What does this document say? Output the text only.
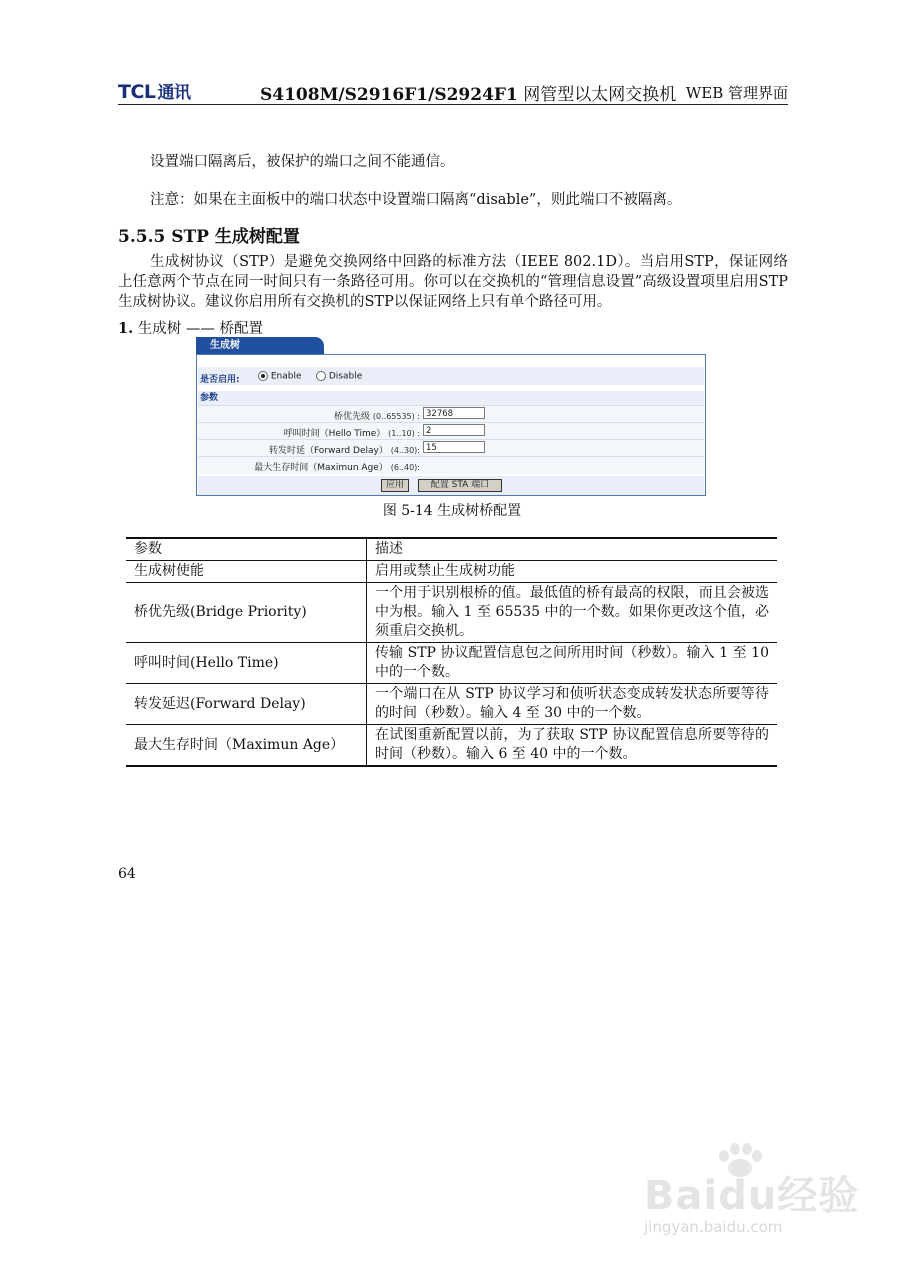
TCL 通讯	S4108M/S2916F1/S2924F1 网管型以太网交换机 WEB 管理界面
设置端口隔离后，被保护的端口之间不能通信。
注意：如果在主面板中的端口状态中设置端口隔离“disable”，则此端口不被隔离。
5.5.5 STP 生成树配置
生成树协议（STP）是避免交换网络中回路的标准方法（IEEE 802.1D）。当启用STP，保证网络上任意两个节点在同一时间只有一条路径可用。你可以在交换机的“管理信息设置”高级设置项里启用STP生成树协议。建议你启用所有交换机的STP以保证网络上只有单个路径可用。
1. 生成树 —— 桥配置
生成树
是否启用:	Enable	Disable
参数
桥优先级 (0..65535) : 32768
呼叫时间（Hello Time） (1..10) : 2
转发时延（Forward Delay） (4..30): 15
最大生存时间（Maximun Age） (6..40):
应用	配置 STA 端口
图 5-14 生成树桥配置
参数	描述
生成树使能	启用或禁止生成树功能
桥优先级(Bridge Priority)	一个用于识别根桥的值。最低值的桥有最高的权限，而且会被选中为根。输入 1 至 65535 中的一个数。如果你更改这个值，必须重启交换机。
呼叫时间(Hello Time)	传输 STP 协议配置信息包之间所用时间（秒数）。输入 1 至 10 中的一个数。
转发延迟(Forward Delay)	一个端口在从 STP 协议学习和侦听状态变成转发状态所要等待的时间（秒数）。输入 4 至 30 中的一个数。
最大生存时间（Maximun Age）	在试图重新配置以前，为了获取 STP 协议配置信息所要等待的时间（秒数）。输入 6 至 40 中的一个数。
64
Baidu经验
jingyan.baidu.com
